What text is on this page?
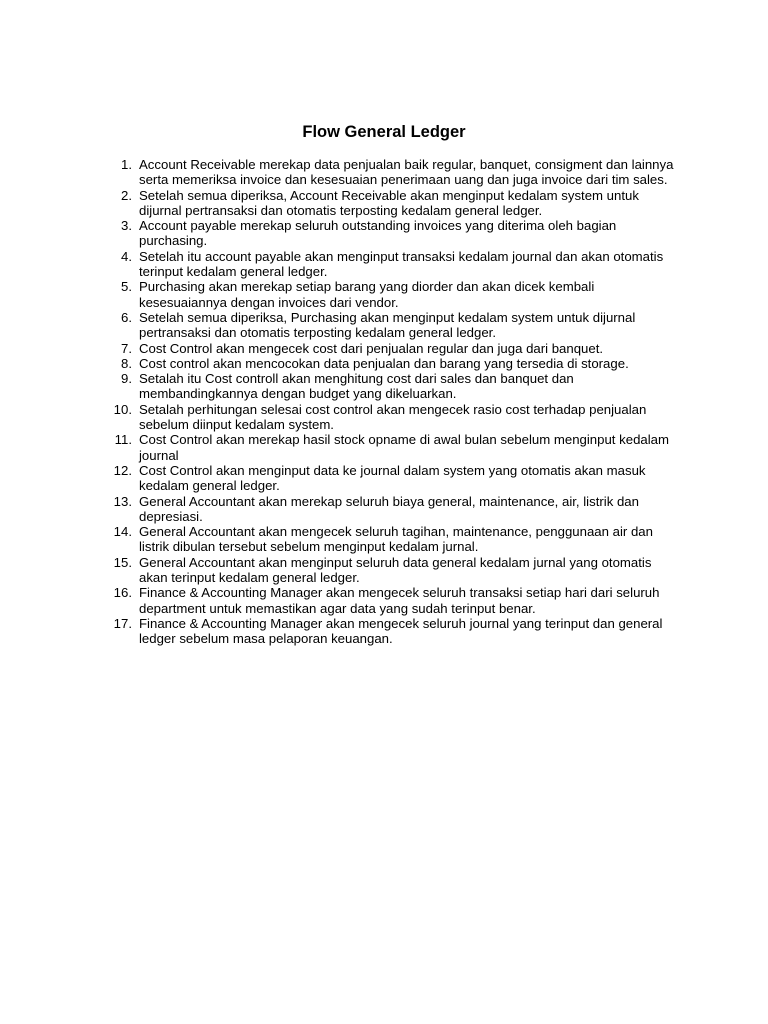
Flow General Ledger
1. Account Receivable merekap data penjualan baik regular, banquet, consigment dan lainnya serta memeriksa invoice dan kesesuaian penerimaan uang dan juga invoice dari tim sales.
2. Setelah semua diperiksa, Account Receivable akan menginput kedalam system untuk dijurnal pertransaksi dan otomatis terposting kedalam general ledger.
3. Account payable merekap seluruh outstanding invoices yang diterima oleh bagian purchasing.
4. Setelah itu account payable akan menginput transaksi kedalam journal dan akan otomatis terinput kedalam general ledger.
5. Purchasing akan merekap setiap barang yang diorder dan akan dicek kembali kesesuaiannya dengan invoices dari vendor.
6. Setelah semua diperiksa, Purchasing akan menginput kedalam system untuk dijurnal pertransaksi dan otomatis terposting kedalam general ledger.
7. Cost Control akan mengecek cost dari penjualan regular dan juga dari banquet.
8. Cost control akan mencocokan data penjualan dan barang yang tersedia di storage.
9. Setalah itu Cost controll akan menghitung cost dari sales dan banquet dan membandingkannya dengan budget yang dikeluarkan.
10. Setalah perhitungan selesai cost control akan mengecek rasio cost terhadap penjualan sebelum diinput kedalam system.
11. Cost Control akan merekap hasil stock opname di awal bulan sebelum menginput kedalam journal
12. Cost Control akan menginput data ke journal dalam system yang otomatis akan masuk kedalam general ledger.
13. General Accountant akan merekap seluruh biaya general, maintenance, air, listrik dan depresiasi.
14. General Accountant akan mengecek seluruh tagihan, maintenance, penggunaan air dan listrik dibulan tersebut sebelum menginput kedalam jurnal.
15. General Accountant akan menginput seluruh data general kedalam jurnal yang otomatis akan terinput kedalam general ledger.
16. Finance & Accounting Manager akan mengecek seluruh transaksi setiap hari dari seluruh department untuk memastikan agar data yang sudah terinput benar.
17. Finance & Accounting Manager akan mengecek seluruh journal yang terinput dan general ledger sebelum masa pelaporan keuangan.
